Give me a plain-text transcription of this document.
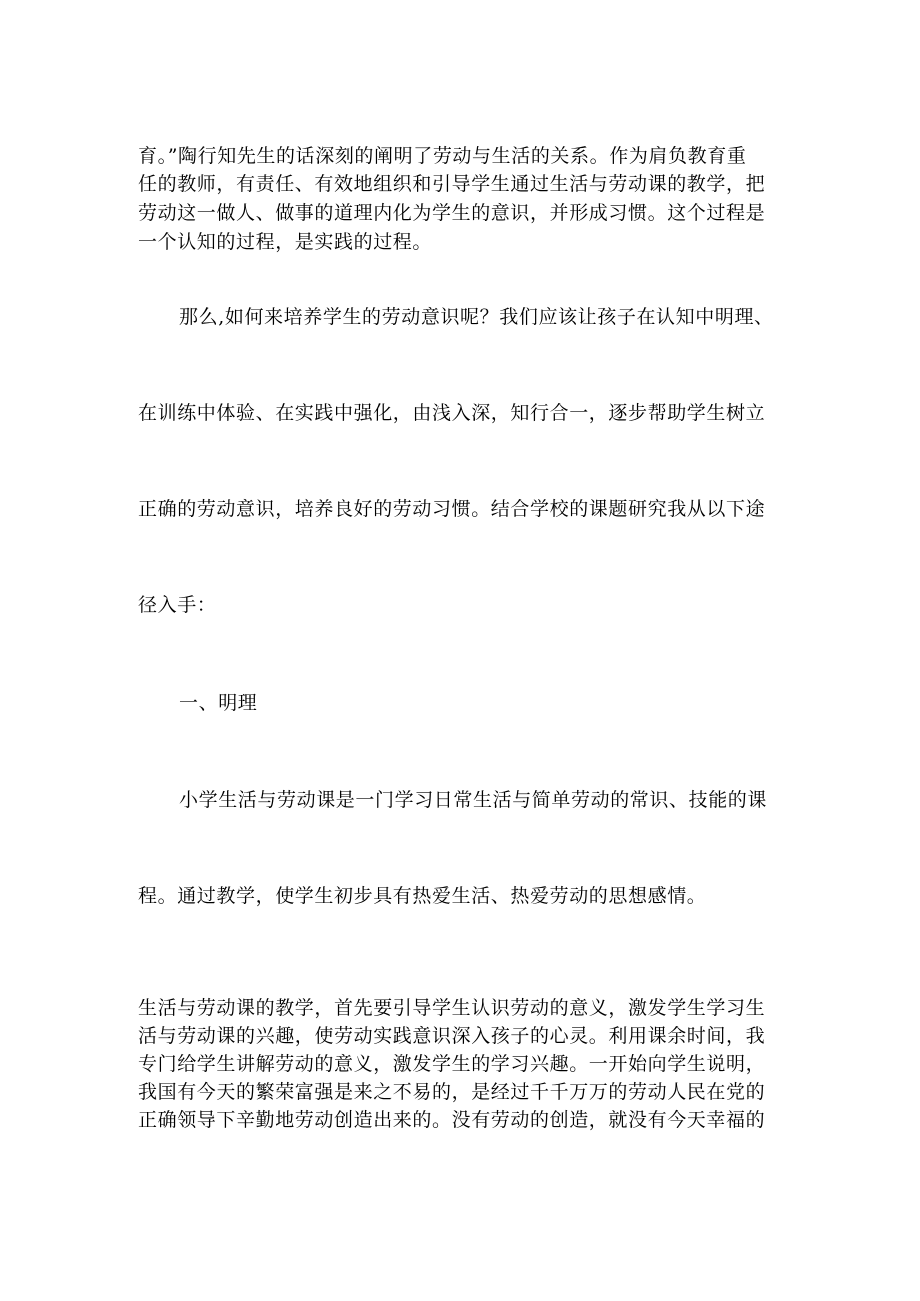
育。”陶行知先生的话深刻的阐明了劳动与生活的关系。作为肩负教育重
任的教师，有责任、有效地组织和引导学生通过生活与劳动课的教学，把
劳动这一做人、做事的道理内化为学生的意识，并形成习惯。这个过程是
一个认知的过程，是实践的过程。
那么,如何来培养学生的劳动意识呢？我们应该让孩子在认知中明理、
在训练中体验、在实践中强化，由浅入深，知行合一，逐步帮助学生树立
正确的劳动意识，培养良好的劳动习惯。结合学校的课题研究我从以下途
径入手：
一、明理
小学生活与劳动课是一门学习日常生活与简单劳动的常识、技能的课
程。通过教学，使学生初步具有热爱生活、热爱劳动的思想感情。
生活与劳动课的教学，首先要引导学生认识劳动的意义，激发学生学习生
活与劳动课的兴趣，使劳动实践意识深入孩子的心灵。利用课余时间，我
专门给学生讲解劳动的意义，激发学生的学习兴趣。一开始向学生说明，
我国有今天的繁荣富强是来之不易的，是经过千千万万的劳动人民在党的
正确领导下辛勤地劳动创造出来的。没有劳动的创造，就没有今天幸福的
